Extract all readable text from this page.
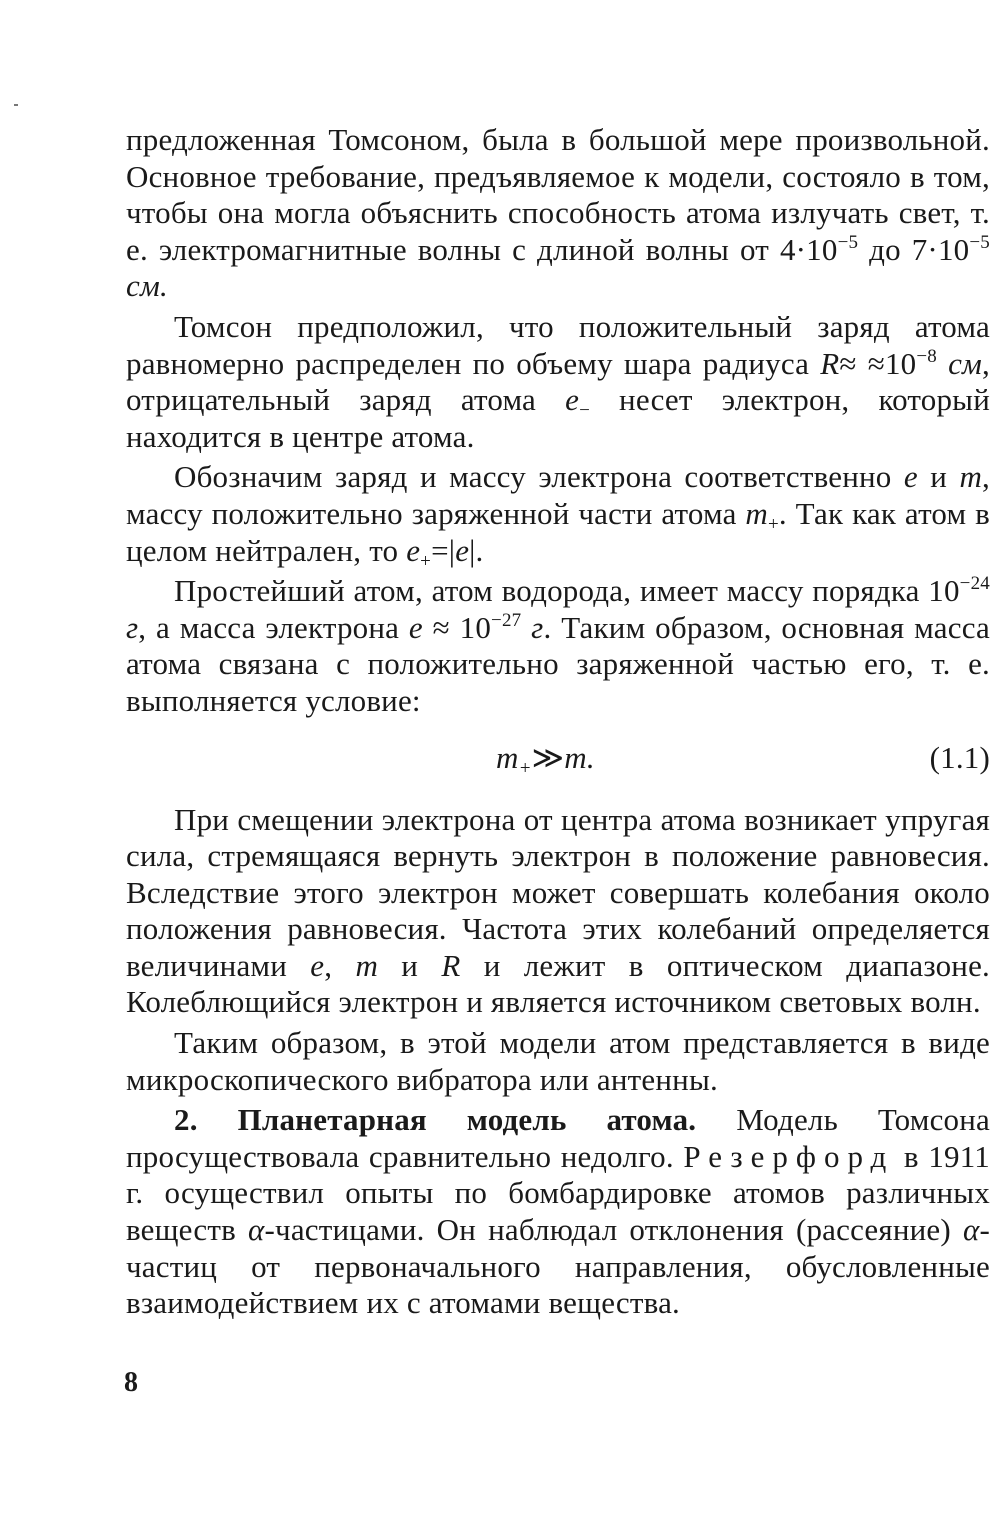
предложенная Томсоном, была в большой мере произвольной. Основное требование, предъявляемое к модели, состояло в том, чтобы она могла объяснить способность атома излучать свет, т. е. электромагнитные волны с длиной волны от $4\cdot 10^{-5}$ до $7\cdot 10^{-5}$ см.

Томсон предположил, что положительный заряд атома равномерно распределен по объему шара радиуса $R\approx \approx 10^{-8}$ см, отрицательный заряд атома $e_-$ несет электрон, который находится в центре атома.

Обозначим заряд и массу электрона соответственно e и m, массу положительно заряженной части атома $m_+$. Так как атом в целом нейтрален, то $e_+=|e|$.

Простейший атом, атом водорода, имеет массу порядка $10^{-24}$ г, а масса электрона $e \approx 10^{-27}$ г. Таким образом, основная масса атома связана с положительно заряженной частью его, т. е. выполняется условие:

$m_+≫m$.	(1.1)

При смещении электрона от центра атома возникает упругая сила, стремящаяся вернуть электрон в положение равновесия. Вследствие этого электрон может совершать колебания около положения равновесия. Частота этих колебаний определяется величинами e, m и R и лежит в оптическом диапазоне. Колеблющийся электрон и является источником световых волн.

Таким образом, в этой модели атом представляется в виде микроскопического вибратора или антенны.

2. Планетарная модель атома. Модель Томсона просуществовала сравнительно недолго. Резерфорд в 1911 г. осуществил опыты по бомбардировке атомов различных веществ α-частицами. Он наблюдал отклонения (рассеяние) α-частиц от первоначального направления, обусловленные взаимодействием их с атомами вещества.

8
